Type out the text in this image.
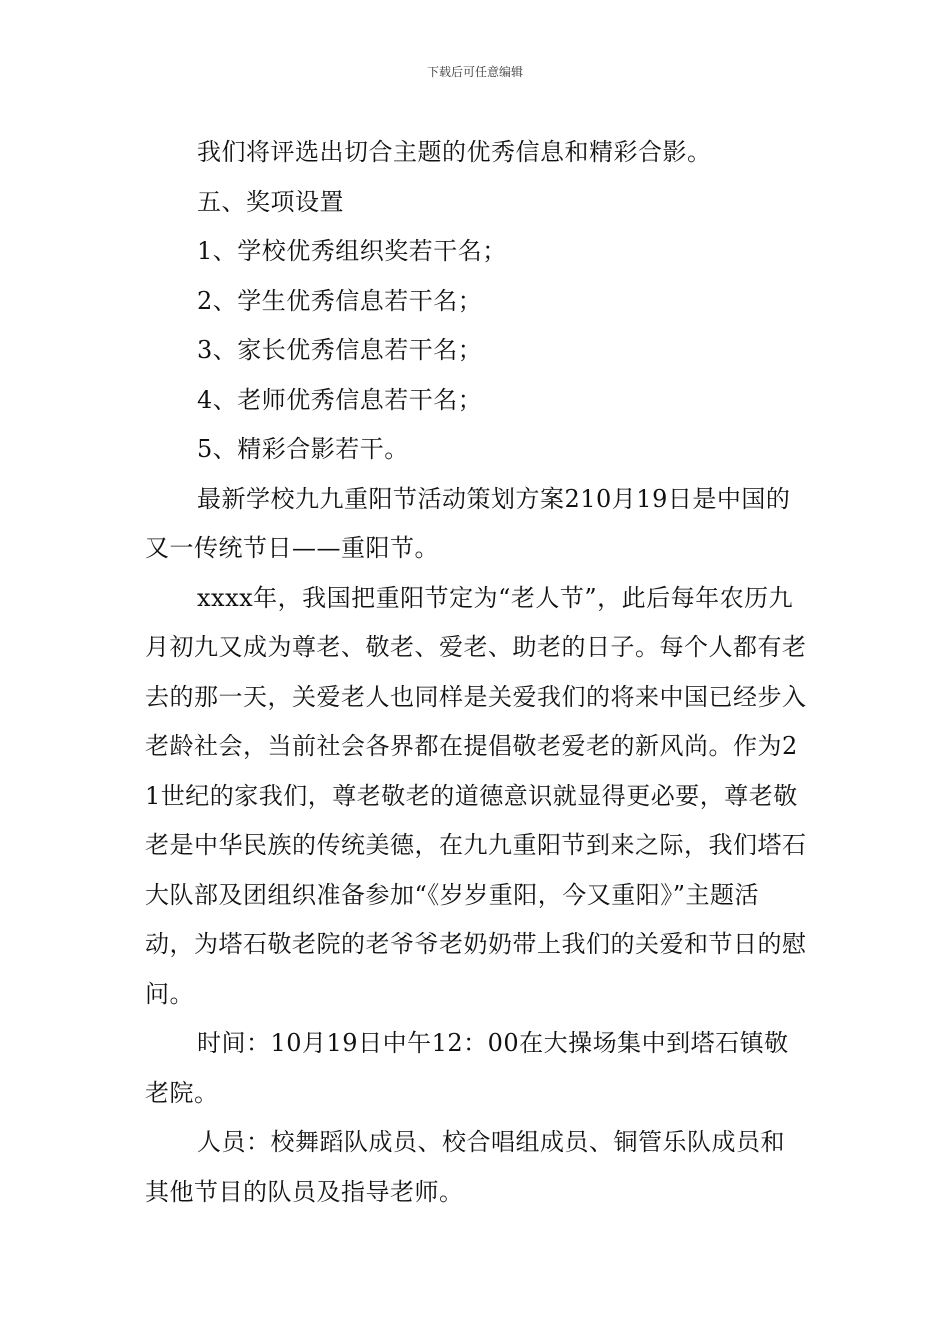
下载后可任意编辑

我们将评选出切合主题的优秀信息和精彩合影。

五、奖项设置

1、学校优秀组织奖若干名；

2、学生优秀信息若干名；

3、家长优秀信息若干名；

4、老师优秀信息若干名；

5、精彩合影若干。

最新学校九九重阳节活动策划方案210月19日是中国的又一传统节日——重阳节。

xxxx年，我国把重阳节定为“老人节”，此后每年农历九月初九又成为尊老、敬老、爱老、助老的日子。每个人都有老去的那一天，关爱老人也同样是关爱我们的将来中国已经步入老龄社会，当前社会各界都在提倡敬老爱老的新风尚。作为21世纪的家我们，尊老敬老的道德意识就显得更必要，尊老敬老是中华民族的传统美德，在九九重阳节到来之际，我们塔石大队部及团组织准备参加“《岁岁重阳，今又重阳》”主题活动，为塔石敬老院的老爷爷老奶奶带上我们的关爱和节日的慰问。

时间：10月19日中午12：00在大操场集中到塔石镇敬老院。

人员：校舞蹈队成员、校合唱组成员、铜管乐队成员和其他节目的队员及指导老师。
